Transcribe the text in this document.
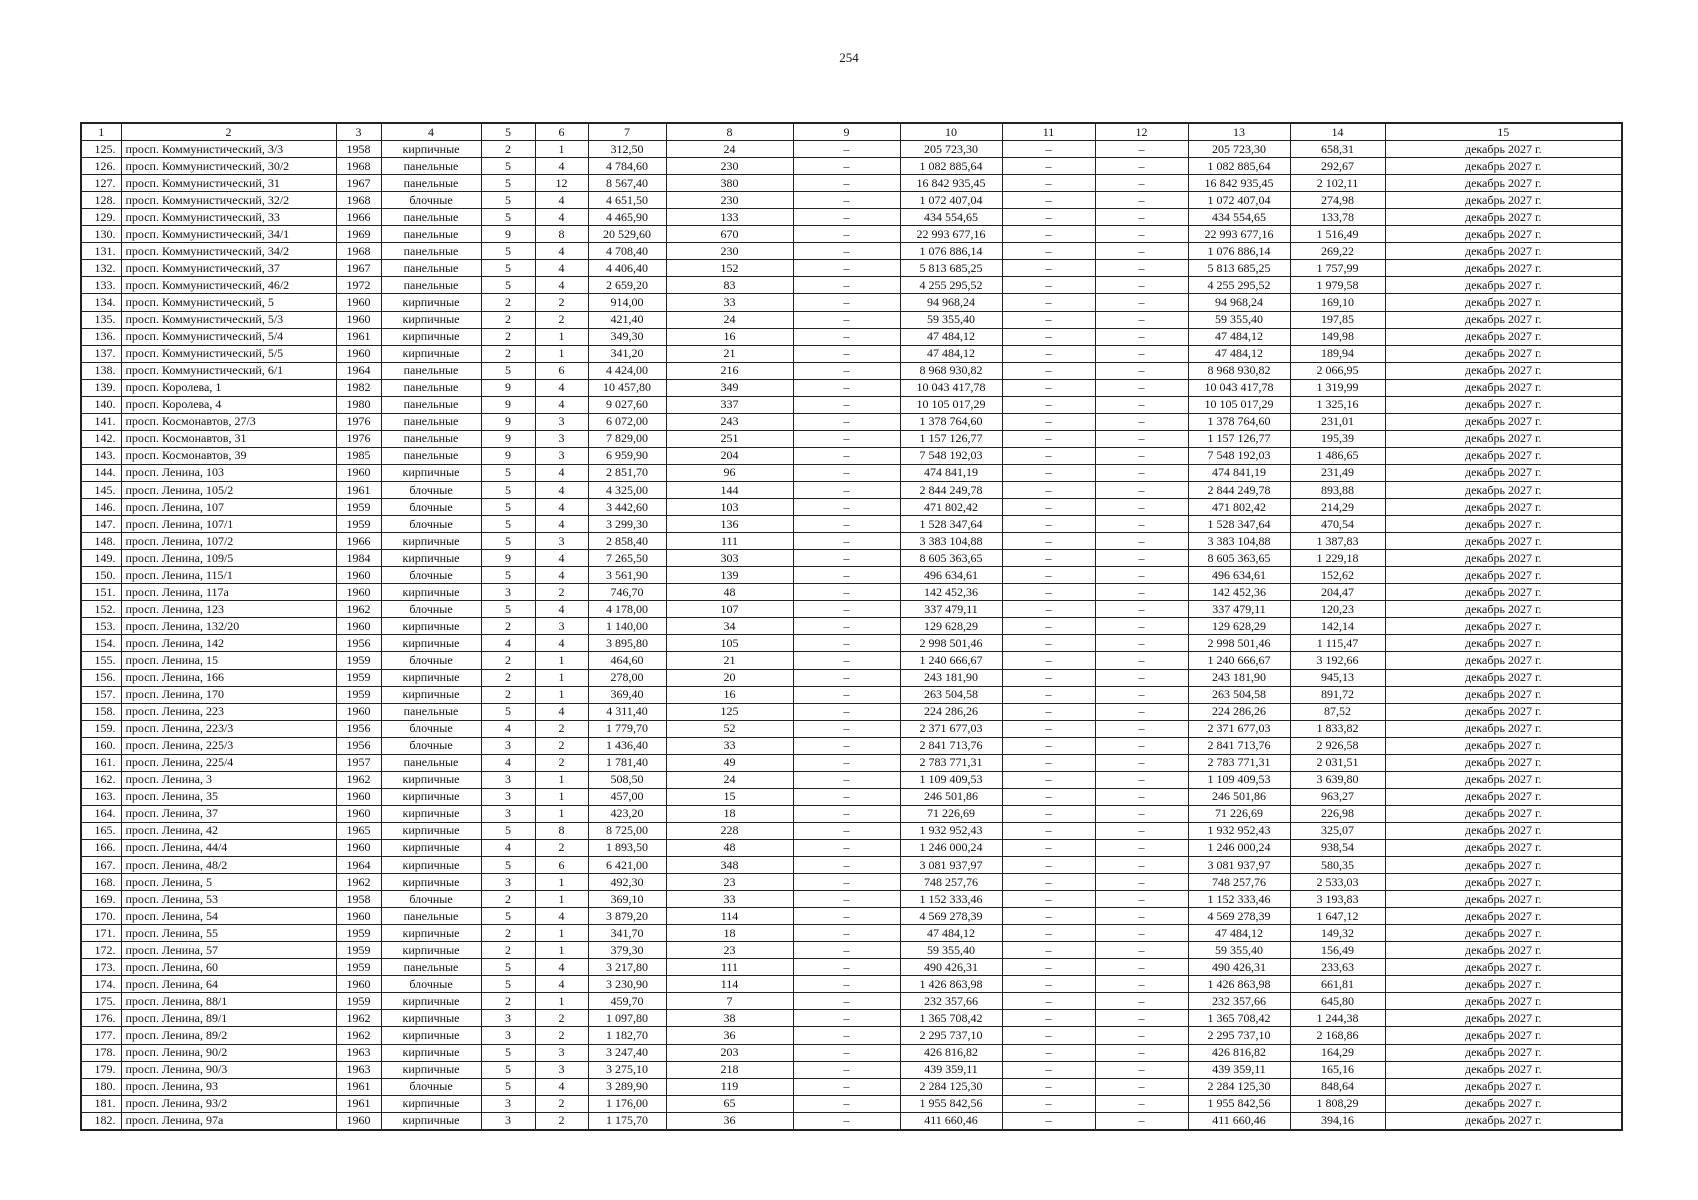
254
1	2	3	4	5	6	7	8	9	10	11	12	13	14	15
125.	просп. Коммунистический, 3/3	1958	кирпичные	2	1	312,50	24	–	205 723,30	–	–	205 723,30	658,31	декабрь 2027 г.
126.	просп. Коммунистический, 30/2	1968	панельные	5	4	4 784,60	230	–	1 082 885,64	–	–	1 082 885,64	292,67	декабрь 2027 г.
127.	просп. Коммунистический, 31	1967	панельные	5	12	8 567,40	380	–	16 842 935,45	–	–	16 842 935,45	2 102,11	декабрь 2027 г.
128.	просп. Коммунистический, 32/2	1968	блочные	5	4	4 651,50	230	–	1 072 407,04	–	–	1 072 407,04	274,98	декабрь 2027 г.
129.	просп. Коммунистический, 33	1966	панельные	5	4	4 465,90	133	–	434 554,65	–	–	434 554,65	133,78	декабрь 2027 г.
130.	просп. Коммунистический, 34/1	1969	панельные	9	8	20 529,60	670	–	22 993 677,16	–	–	22 993 677,16	1 516,49	декабрь 2027 г.
131.	просп. Коммунистический, 34/2	1968	панельные	5	4	4 708,40	230	–	1 076 886,14	–	–	1 076 886,14	269,22	декабрь 2027 г.
132.	просп. Коммунистический, 37	1967	панельные	5	4	4 406,40	152	–	5 813 685,25	–	–	5 813 685,25	1 757,99	декабрь 2027 г.
133.	просп. Коммунистический, 46/2	1972	панельные	5	4	2 659,20	83	–	4 255 295,52	–	–	4 255 295,52	1 979,58	декабрь 2027 г.
134.	просп. Коммунистический, 5	1960	кирпичные	2	2	914,00	33	–	94 968,24	–	–	94 968,24	169,10	декабрь 2027 г.
135.	просп. Коммунистический, 5/3	1960	кирпичные	2	2	421,40	24	–	59 355,40	–	–	59 355,40	197,85	декабрь 2027 г.
136.	просп. Коммунистический, 5/4	1961	кирпичные	2	1	349,30	16	–	47 484,12	–	–	47 484,12	149,98	декабрь 2027 г.
137.	просп. Коммунистический, 5/5	1960	кирпичные	2	1	341,20	21	–	47 484,12	–	–	47 484,12	189,94	декабрь 2027 г.
138.	просп. Коммунистический, 6/1	1964	панельные	5	6	4 424,00	216	–	8 968 930,82	–	–	8 968 930,82	2 066,95	декабрь 2027 г.
139.	просп. Королева, 1	1982	панельные	9	4	10 457,80	349	–	10 043 417,78	–	–	10 043 417,78	1 319,99	декабрь 2027 г.
140.	просп. Королева, 4	1980	панельные	9	4	9 027,60	337	–	10 105 017,29	–	–	10 105 017,29	1 325,16	декабрь 2027 г.
141.	просп. Космонавтов, 27/3	1976	панельные	9	3	6 072,00	243	–	1 378 764,60	–	–	1 378 764,60	231,01	декабрь 2027 г.
142.	просп. Космонавтов, 31	1976	панельные	9	3	7 829,00	251	–	1 157 126,77	–	–	1 157 126,77	195,39	декабрь 2027 г.
143.	просп. Космонавтов, 39	1985	панельные	9	3	6 959,90	204	–	7 548 192,03	–	–	7 548 192,03	1 486,65	декабрь 2027 г.
144.	просп. Ленина, 103	1960	кирпичные	5	4	2 851,70	96	–	474 841,19	–	–	474 841,19	231,49	декабрь 2027 г.
145.	просп. Ленина, 105/2	1961	блочные	5	4	4 325,00	144	–	2 844 249,78	–	–	2 844 249,78	893,88	декабрь 2027 г.
146.	просп. Ленина, 107	1959	блочные	5	4	3 442,60	103	–	471 802,42	–	–	471 802,42	214,29	декабрь 2027 г.
147.	просп. Ленина, 107/1	1959	блочные	5	4	3 299,30	136	–	1 528 347,64	–	–	1 528 347,64	470,54	декабрь 2027 г.
148.	просп. Ленина, 107/2	1966	кирпичные	5	3	2 858,40	111	–	3 383 104,88	–	–	3 383 104,88	1 387,83	декабрь 2027 г.
149.	просп. Ленина, 109/5	1984	кирпичные	9	4	7 265,50	303	–	8 605 363,65	–	–	8 605 363,65	1 229,18	декабрь 2027 г.
150.	просп. Ленина, 115/1	1960	блочные	5	4	3 561,90	139	–	496 634,61	–	–	496 634,61	152,62	декабрь 2027 г.
151.	просп. Ленина, 117а	1960	кирпичные	3	2	746,70	48	–	142 452,36	–	–	142 452,36	204,47	декабрь 2027 г.
152.	просп. Ленина, 123	1962	блочные	5	4	4 178,00	107	–	337 479,11	–	–	337 479,11	120,23	декабрь 2027 г.
153.	просп. Ленина, 132/20	1960	кирпичные	2	3	1 140,00	34	–	129 628,29	–	–	129 628,29	142,14	декабрь 2027 г.
154.	просп. Ленина, 142	1956	кирпичные	4	4	3 895,80	105	–	2 998 501,46	–	–	2 998 501,46	1 115,47	декабрь 2027 г.
155.	просп. Ленина, 15	1959	блочные	2	1	464,60	21	–	1 240 666,67	–	–	1 240 666,67	3 192,66	декабрь 2027 г.
156.	просп. Ленина, 166	1959	кирпичные	2	1	278,00	20	–	243 181,90	–	–	243 181,90	945,13	декабрь 2027 г.
157.	просп. Ленина, 170	1959	кирпичные	2	1	369,40	16	–	263 504,58	–	–	263 504,58	891,72	декабрь 2027 г.
158.	просп. Ленина, 223	1960	панельные	5	4	4 311,40	125	–	224 286,26	–	–	224 286,26	87,52	декабрь 2027 г.
159.	просп. Ленина, 223/3	1956	блочные	4	2	1 779,70	52	–	2 371 677,03	–	–	2 371 677,03	1 833,82	декабрь 2027 г.
160.	просп. Ленина, 225/3	1956	блочные	3	2	1 436,40	33	–	2 841 713,76	–	–	2 841 713,76	2 926,58	декабрь 2027 г.
161.	просп. Ленина, 225/4	1957	панельные	4	2	1 781,40	49	–	2 783 771,31	–	–	2 783 771,31	2 031,51	декабрь 2027 г.
162.	просп. Ленина, 3	1962	кирпичные	3	1	508,50	24	–	1 109 409,53	–	–	1 109 409,53	3 639,80	декабрь 2027 г.
163.	просп. Ленина, 35	1960	кирпичные	3	1	457,00	15	–	246 501,86	–	–	246 501,86	963,27	декабрь 2027 г.
164.	просп. Ленина, 37	1960	кирпичные	3	1	423,20	18	–	71 226,69	–	–	71 226,69	226,98	декабрь 2027 г.
165.	просп. Ленина, 42	1965	кирпичные	5	8	8 725,00	228	–	1 932 952,43	–	–	1 932 952,43	325,07	декабрь 2027 г.
166.	просп. Ленина, 44/4	1960	кирпичные	4	2	1 893,50	48	–	1 246 000,24	–	–	1 246 000,24	938,54	декабрь 2027 г.
167.	просп. Ленина, 48/2	1964	кирпичные	5	6	6 421,00	348	–	3 081 937,97	–	–	3 081 937,97	580,35	декабрь 2027 г.
168.	просп. Ленина, 5	1962	кирпичные	3	1	492,30	23	–	748 257,76	–	–	748 257,76	2 533,03	декабрь 2027 г.
169.	просп. Ленина, 53	1958	блочные	2	1	369,10	33	–	1 152 333,46	–	–	1 152 333,46	3 193,83	декабрь 2027 г.
170.	просп. Ленина, 54	1960	панельные	5	4	3 879,20	114	–	4 569 278,39	–	–	4 569 278,39	1 647,12	декабрь 2027 г.
171.	просп. Ленина, 55	1959	кирпичные	2	1	341,70	18	–	47 484,12	–	–	47 484,12	149,32	декабрь 2027 г.
172.	просп. Ленина, 57	1959	кирпичные	2	1	379,30	23	–	59 355,40	–	–	59 355,40	156,49	декабрь 2027 г.
173.	просп. Ленина, 60	1959	панельные	5	4	3 217,80	111	–	490 426,31	–	–	490 426,31	233,63	декабрь 2027 г.
174.	просп. Ленина, 64	1960	блочные	5	4	3 230,90	114	–	1 426 863,98	–	–	1 426 863,98	661,81	декабрь 2027 г.
175.	просп. Ленина, 88/1	1959	кирпичные	2	1	459,70	7	–	232 357,66	–	–	232 357,66	645,80	декабрь 2027 г.
176.	просп. Ленина, 89/1	1962	кирпичные	3	2	1 097,80	38	–	1 365 708,42	–	–	1 365 708,42	1 244,38	декабрь 2027 г.
177.	просп. Ленина, 89/2	1962	кирпичные	3	2	1 182,70	36	–	2 295 737,10	–	–	2 295 737,10	2 168,86	декабрь 2027 г.
178.	просп. Ленина, 90/2	1963	кирпичные	5	3	3 247,40	203	–	426 816,82	–	–	426 816,82	164,29	декабрь 2027 г.
179.	просп. Ленина, 90/3	1963	кирпичные	5	3	3 275,10	218	–	439 359,11	–	–	439 359,11	165,16	декабрь 2027 г.
180.	просп. Ленина, 93	1961	блочные	5	4	3 289,90	119	–	2 284 125,30	–	–	2 284 125,30	848,64	декабрь 2027 г.
181.	просп. Ленина, 93/2	1961	кирпичные	3	2	1 176,00	65	–	1 955 842,56	–	–	1 955 842,56	1 808,29	декабрь 2027 г.
182.	просп. Ленина, 97а	1960	кирпичные	3	2	1 175,70	36	–	411 660,46	–	–	411 660,46	394,16	декабрь 2027 г.
